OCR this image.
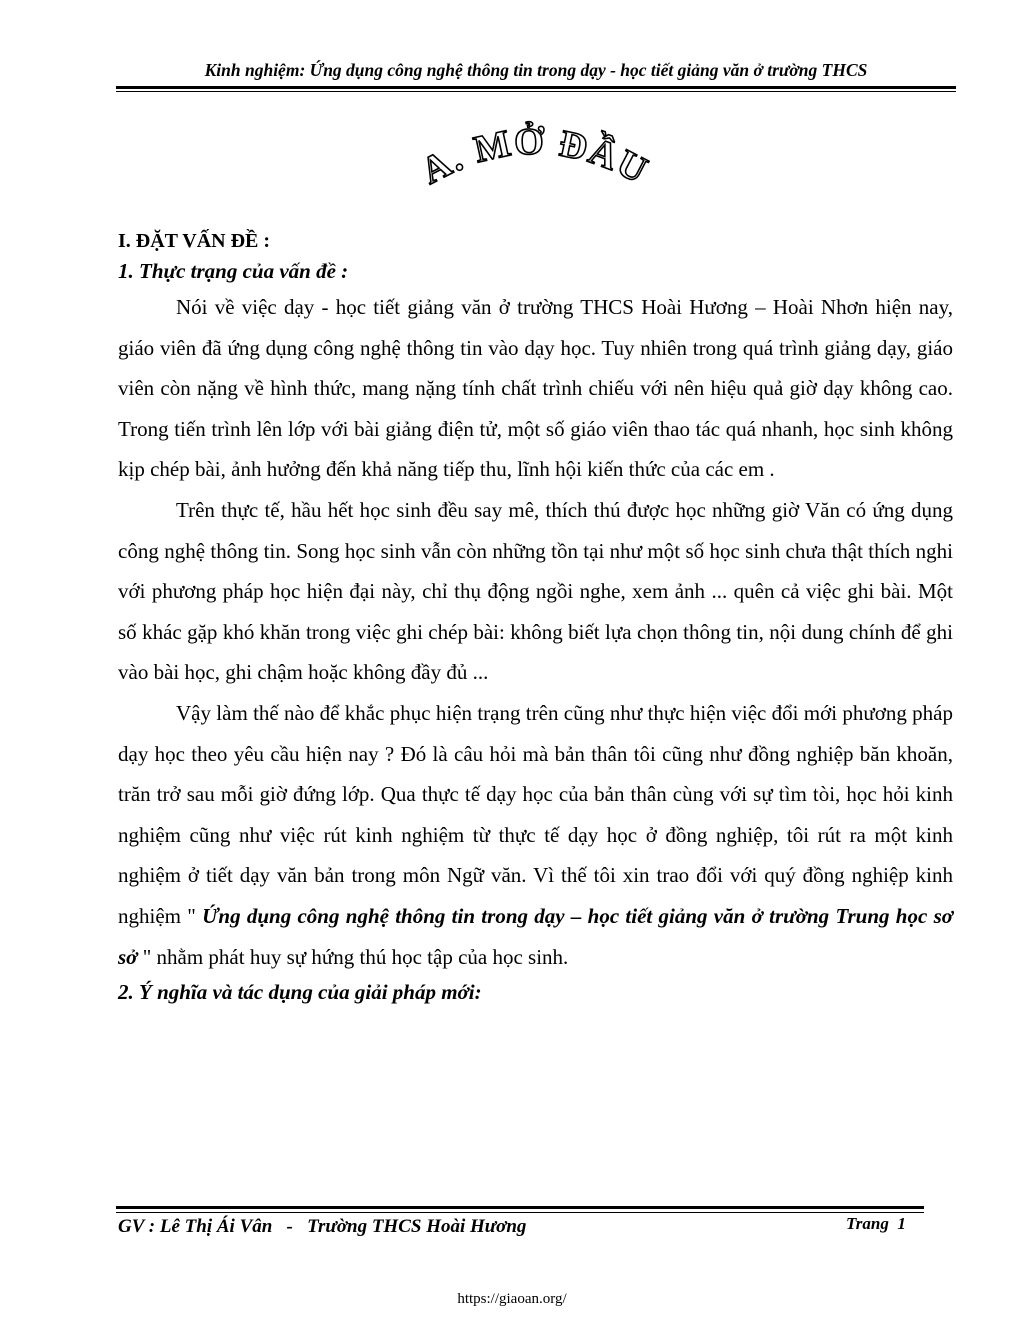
Kinh nghiệm: Ứng dụng công nghệ thông tin trong dạy - học tiết giảng văn ở trường THCS
A. MỞ ĐẦU

I. ĐẶT VẤN ĐỀ :

1. Thực trạng của vấn đề :

Nói về việc dạy - học tiết giảng văn ở trường THCS Hoài Hương – Hoài Nhơn hiện nay, giáo viên đã ứng dụng công nghệ thông tin vào dạy học. Tuy nhiên trong quá trình giảng dạy, giáo viên còn nặng về hình thức, mang nặng tính chất trình chiếu với nên hiệu quả giờ dạy không cao. Trong tiến trình lên lớp với bài giảng điện tử, một số giáo viên thao tác quá nhanh, học sinh không kịp chép bài, ảnh hưởng đến khả năng tiếp thu, lĩnh hội kiến thức của các em .

Trên thực tế, hầu hết học sinh đều say mê, thích thú được học những giờ Văn có ứng dụng công nghệ thông tin. Song học sinh vẫn còn những tồn tại như một số học sinh chưa thật thích nghi với phương pháp học hiện đại này, chỉ thụ động ngồi nghe, xem ảnh ... quên cả việc ghi bài. Một số khác gặp khó khăn trong việc ghi chép bài: không biết lựa chọn thông tin, nội dung chính để ghi vào bài học, ghi chậm hoặc không đầy đủ ...

Vậy làm thế nào để khắc phục hiện trạng trên cũng như thực hiện việc đổi mới phương pháp dạy học theo yêu cầu hiện nay ? Đó là câu hỏi mà bản thân tôi cũng như đồng nghiệp băn khoăn, trăn trở sau mỗi giờ đứng lớp. Qua thực tế dạy học của bản thân cùng với sự tìm tòi, học hỏi kinh nghiệm cũng như việc rút kinh nghiệm từ thực tế dạy học ở đồng nghiệp, tôi rút ra một kinh nghiệm ở tiết dạy văn bản trong môn Ngữ văn. Vì thế tôi xin trao đổi với quý đồng nghiệp kinh nghiệm " Ứng dụng công nghệ thông tin trong dạy – học tiết giảng văn ở trường Trung học sơ sở " nhằm phát huy sự hứng thú học tập của học sinh.

2. Ý nghĩa và tác dụng của giải pháp mới:

GV : Lê Thị Ái Vân   -   Trường THCS Hoài Hương	Trang  1
https://giaoan.org/
